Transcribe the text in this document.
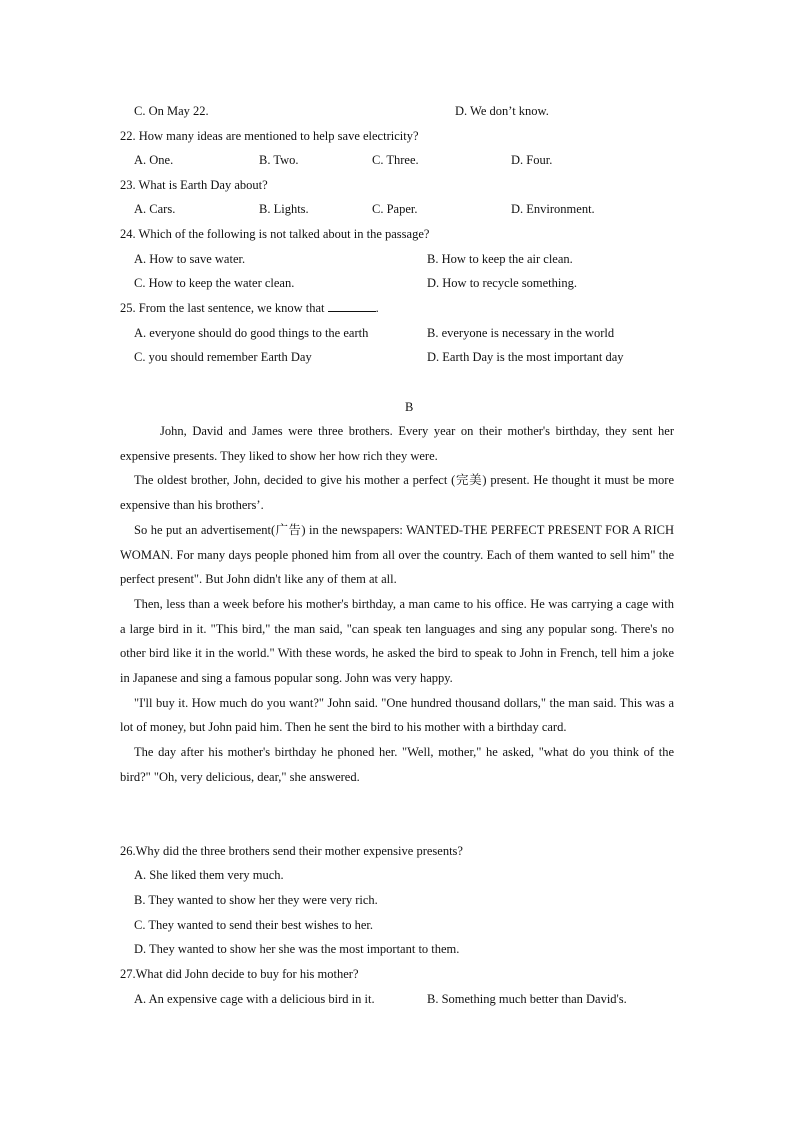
C. On May 22.	D. We don’t know.
22. How many ideas are mentioned to help save electricity?
A. One.	B. Two.	C. Three.	D. Four.
23. What is Earth Day about?
A. Cars.	B. Lights.	C. Paper.	D. Environment.
24. Which of the following is not talked about in the passage?
A. How to save water.	B. How to keep the air clean.
C. How to keep the water clean.	D. How to recycle something.
25. From the last sentence, we know that	.
A. everyone should do good things to the earth	B. everyone is necessary in the world
C. you should remember Earth Day	D. Earth Day is the most important day
B

John, David and James were three brothers. Every year on their mother's birthday, they sent her expensive presents. They liked to show her how rich they were.

The oldest brother, John, decided to give his mother a perfect (完美) present. He thought it must be more expensive than his brothers’.

So he put an advertisement(广告) in the newspapers: WANTED-THE PERFECT PRESENT FOR A RICH WOMAN. For many days people phoned him from all over the country. Each of them wanted to sell him" the perfect present". But John didn't like any of them at all.

Then, less than a week before his mother's birthday, a man came to his office. He was carrying a cage with a large bird in it. "This bird," the man said, "can speak ten languages and sing any popular song. There's no other bird like it in the world." With these words, he asked the bird to speak to John in French, tell him a joke in Japanese and sing a famous popular song. John was very happy.

"I'll buy it. How much do you want?" John said. "One hundred thousand dollars," the man said. This was a lot of money, but John paid him. Then he sent the bird to his mother with a birthday card.

The day after his mother's birthday he phoned her. "Well, mother," he asked, "what do you think of the bird?" "Oh, very delicious, dear," she answered.

26.Why did the three brothers send their mother expensive presents?
A. She liked them very much.
B. They wanted to show her they were very rich.
C. They wanted to send their best wishes to her.
D. They wanted to show her she was the most important to them.
27.What did John decide to buy for his mother?
A. An expensive cage with a delicious bird in it.	B. Something much better than David's.
